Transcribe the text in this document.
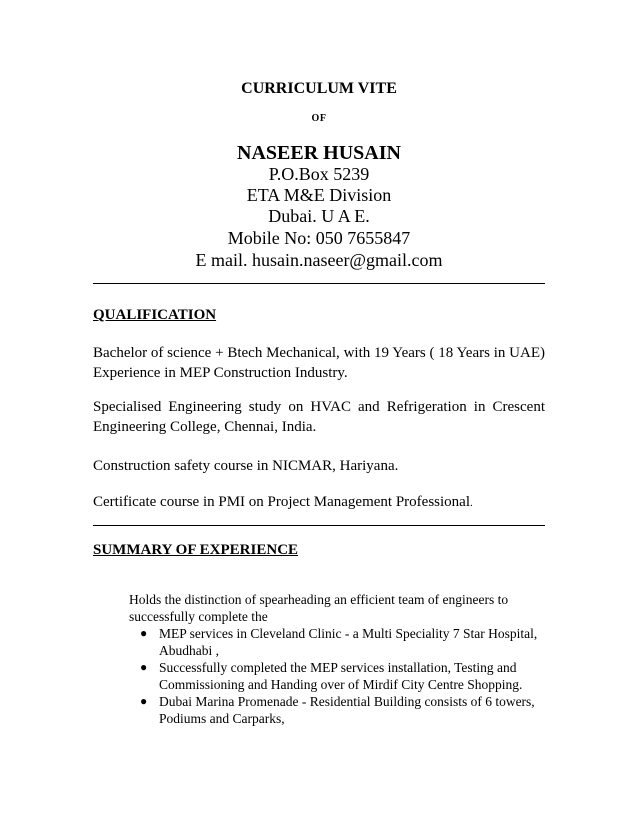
CURRICULUM VITE
OF
NASEER HUSAIN
P.O.Box 5239
ETA M&E Division
Dubai. U A E.
Mobile No: 050 7655847
E mail. husain.naseer@gmail.com
QUALIFICATION
Bachelor of science + Btech Mechanical, with 19 Years ( 18 Years in UAE) Experience in MEP Construction Industry.
Specialised Engineering study on HVAC and Refrigeration in Crescent Engineering College, Chennai, India.
Construction safety course in NICMAR, Hariyana.
Certificate course in PMI on Project Management Professional.
SUMMARY OF EXPERIENCE
Holds the distinction of spearheading an efficient team of engineers to successfully complete the
● MEP services in Cleveland Clinic - a Multi Speciality 7 Star Hospital, Abudhabi ,
● Successfully completed the MEP services installation, Testing and Commissioning and Handing over of Mirdif City Centre Shopping.
● Dubai Marina Promenade - Residential Building consists of 6 towers, Podiums and Carparks,
